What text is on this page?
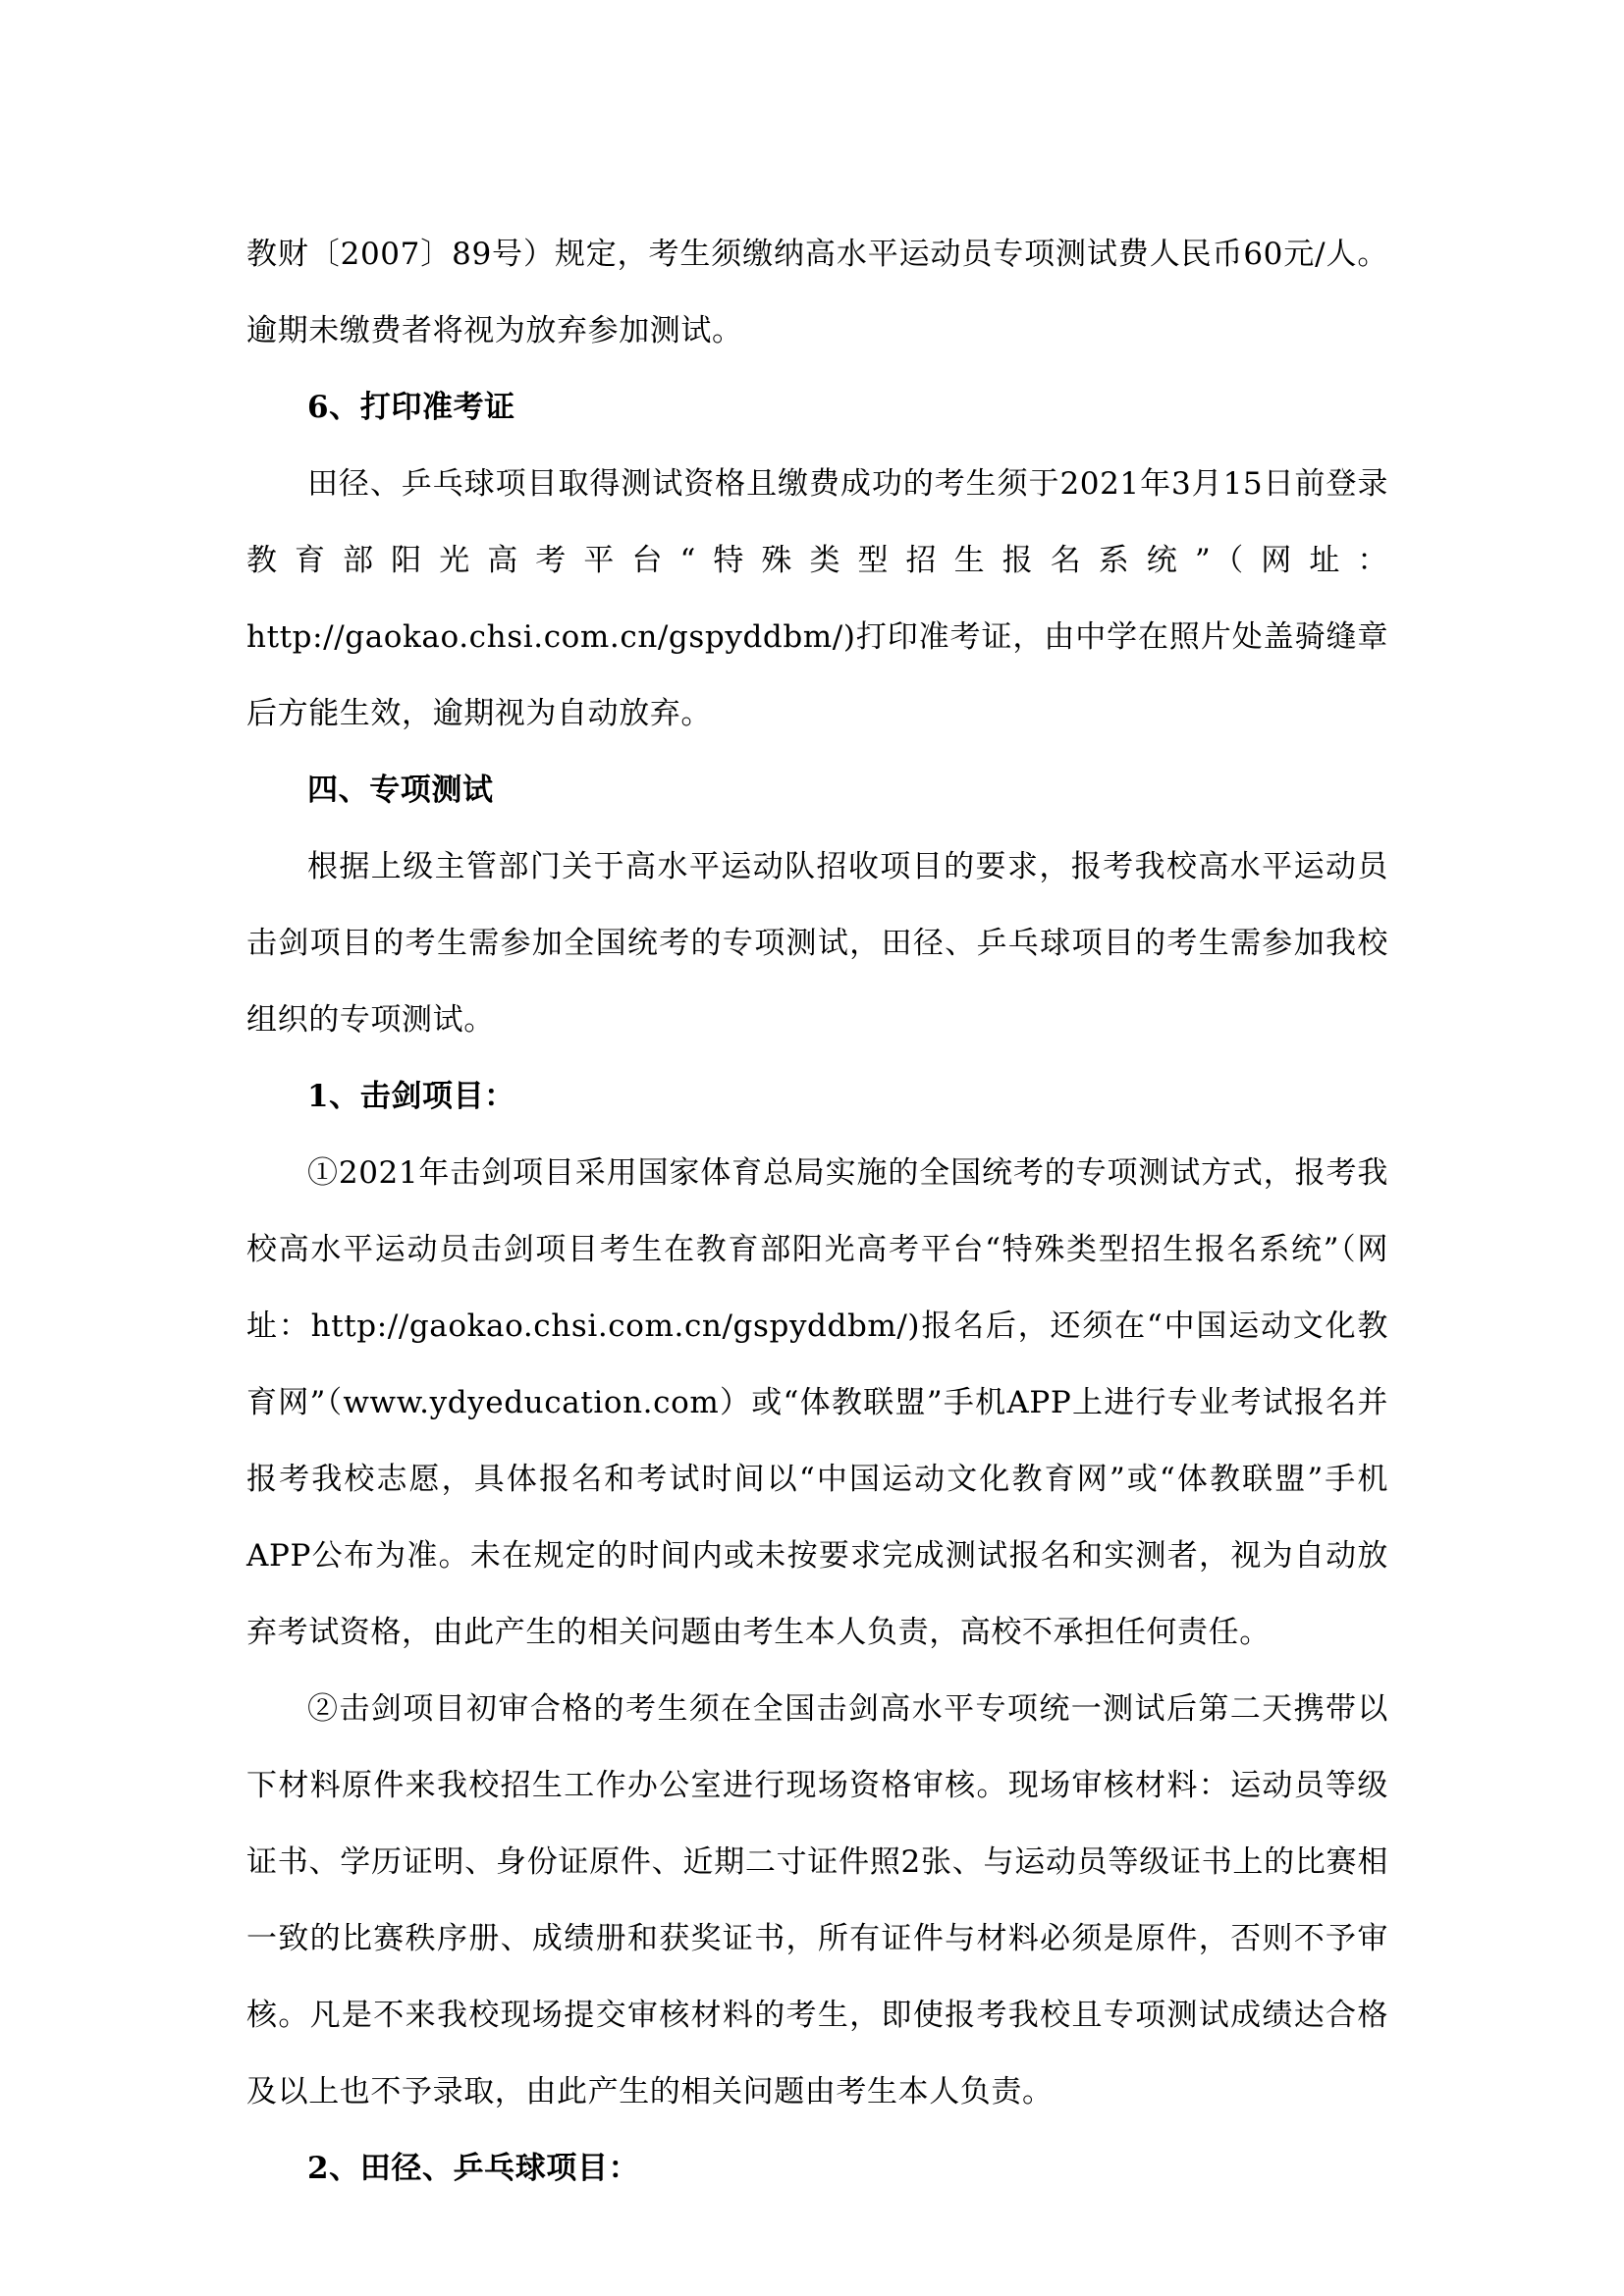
教财〔2007〕89号）规定，考生须缴纳高水平运动员专项测试费人民币60元/人。逾期未缴费者将视为放弃参加测试。

6、打印准考证

田径、乒乓球项目取得测试资格且缴费成功的考生须于2021年3月15日前登录教育部阳光高考平台“特殊类型招生报名系统”（网址：http://gaokao.chsi.com.cn/gspyddbm/)打印准考证，由中学在照片处盖骑缝章后方能生效，逾期视为自动放弃。

四、专项测试

根据上级主管部门关于高水平运动队招收项目的要求，报考我校高水平运动员击剑项目的考生需参加全国统考的专项测试，田径、乒乓球项目的考生需参加我校组织的专项测试。

1、击剑项目：

①2021年击剑项目采用国家体育总局实施的全国统考的专项测试方式，报考我校高水平运动员击剑项目考生在教育部阳光高考平台“特殊类型招生报名系统”（网址：http://gaokao.chsi.com.cn/gspyddbm/)报名后，还须在“中国运动文化教育网”（www.ydyeducation.com）或“体教联盟”手机APP上进行专业考试报名并报考我校志愿，具体报名和考试时间以“中国运动文化教育网”或“体教联盟”手机APP公布为准。未在规定的时间内或未按要求完成测试报名和实测者，视为自动放弃考试资格，由此产生的相关问题由考生本人负责，高校不承担任何责任。

②击剑项目初审合格的考生须在全国击剑高水平专项统一测试后第二天携带以下材料原件来我校招生工作办公室进行现场资格审核。现场审核材料：运动员等级证书、学历证明、身份证原件、近期二寸证件照2张、与运动员等级证书上的比赛相一致的比赛秩序册、成绩册和获奖证书，所有证件与材料必须是原件，否则不予审核。凡是不来我校现场提交审核材料的考生，即使报考我校且专项测试成绩达合格及以上也不予录取，由此产生的相关问题由考生本人负责。

2、田径、乒乓球项目：
